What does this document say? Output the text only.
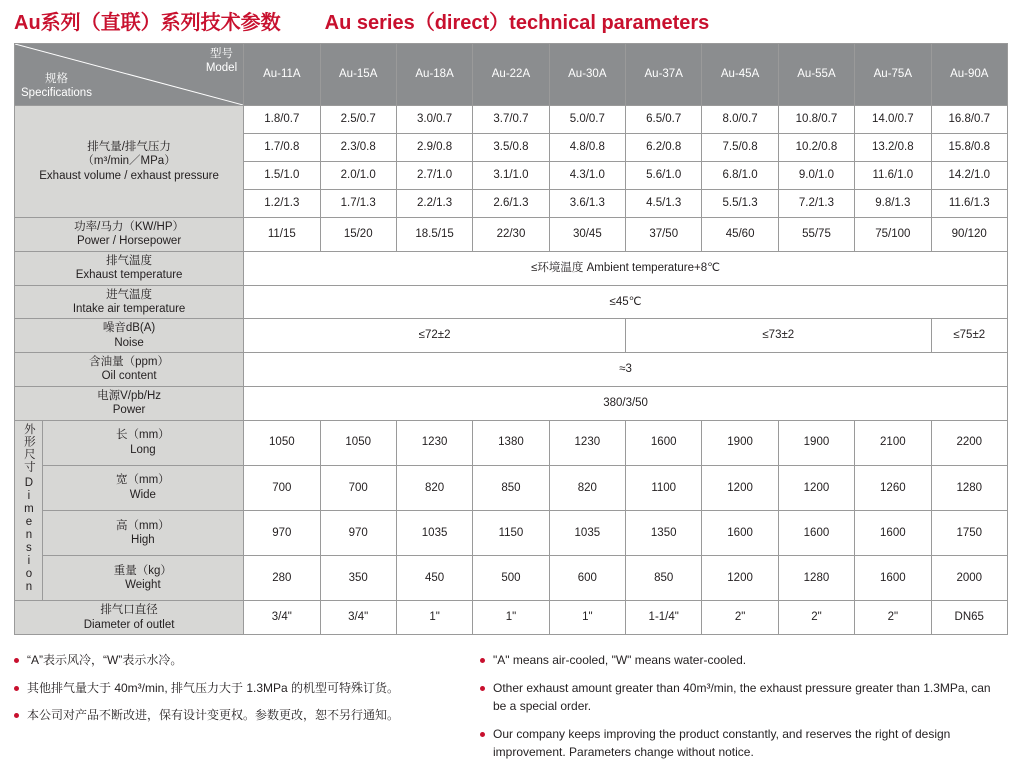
Au系列（直联）系列技术参数 Au series（direct）technical parameters
型号
Model
规格
Specifications		Au-11A	Au-15A	Au-18A	Au-22A	Au-30A	Au-37A	Au-45A	Au-55A	Au-75A	Au-90A

排气量/排气压力
（m³/min／MPa）
Exhaust volume / exhaust pressure		1.8/0.7	2.5/0.7	3.0/0.7	3.7/0.7	5.0/0.7	6.5/0.7	8.0/0.7	10.8/0.7	14.0/0.7	16.8/0.7
		1.7/0.8	2.3/0.8	2.9/0.8	3.5/0.8	4.8/0.8	6.2/0.8	7.5/0.8	10.2/0.8	13.2/0.8	15.8/0.8
		1.5/1.0	2.0/1.0	2.7/1.0	3.1/1.0	4.3/1.0	5.6/1.0	6.8/1.0	9.0/1.0	11.6/1.0	14.2/1.0
		1.2/1.3	1.7/1.3	2.2/1.3	2.6/1.3	3.6/1.3	4.5/1.3	5.5/1.3	7.2/1.3	9.8/1.3	11.6/1.3

功率/马力（KW/HP）
Power / Horsepower		11/15	15/20	18.5/15	22/30	30/45	37/50	45/60	55/75	75/100	90/120

排气温度
Exhaust temperature		≤环境温度 Ambient temperature+8℃									

进气温度
Intake air temperature		≤45℃									

噪音dB(A)
Noise		≤72±2					≤73±2				≤75±2

含油量（ppm）
Oil content		≈3									

电源V/pb/Hz
Power		380/3/50									
外形尺寸 Dimension	长（mm）
Long	1050	1050	1230	1380	1230	1600	1900	1900	2100	2200

	宽（mm）
Wide	700	700	820	850	820	1100	1200	1200	1260	1280

	高（mm）
High	970	970	1035	1150	1035	1350	1600	1600	1600	1750

	重量（kg）
Weight	280	350	450	500	600	850	1200	1280	1600	2000

排气口直径
Diameter of outlet		3/4"	3/4"	1"	1"	1"	1-1/4"	2"	2"	2"	DN65
“A”表示风冷，“W”表示水冷。
其他排气量大于 40m³/min, 排气压力大于 1.3MPa 的机型可特殊订货。
本公司对产品不断改进，保有设计变更权。参数更改，恕不另行通知。
"A" means air-cooled, "W" means water-cooled.
Other exhaust amount greater than 40m³/min, the exhaust pressure greater than 1.3MPa, can be a special order.
Our company keeps improving the product constantly, and reserves the right of design improvement. Parameters change without notice.
